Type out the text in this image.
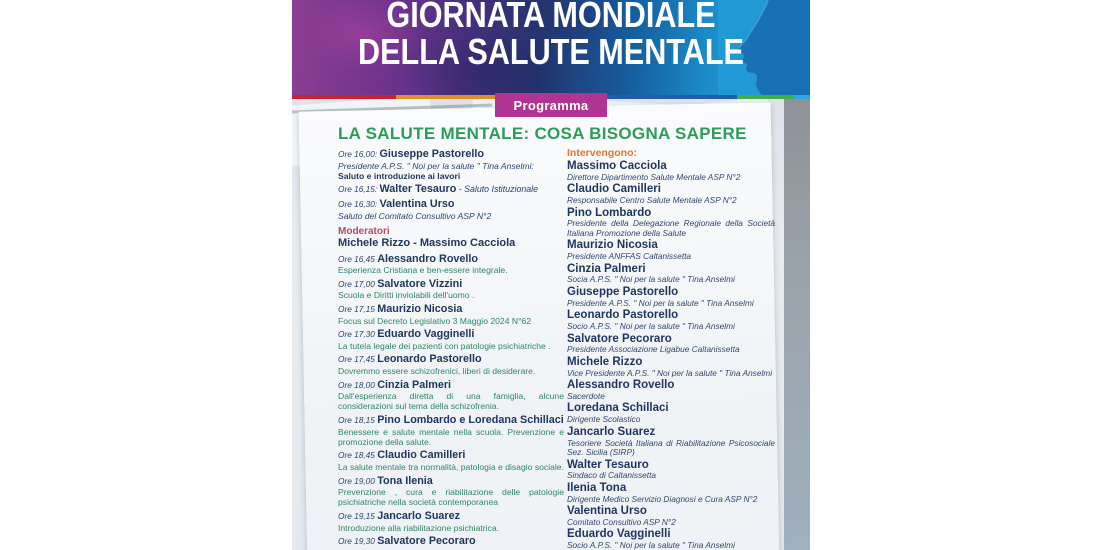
LA SALUTE MENTALE: COSA BISOGNA SAPERE
Ore 16,00: Giuseppe Pastorello
Presidente A.P.S. " Noi per la salute " Tina Anselmi:
Saluto e introduzione ai lavori
Ore 16,15: Walter Tesauro - Saluto Istituzionale
Ore 16,30: Valentina Urso
Saluto del Comitato Consultivo ASP N°2
Moderatori
Michele Rizzo - Massimo Cacciola
Ore 16,45 Alessandro Rovello
Esperienza Cristiana e ben-essere integrale.
Ore 17,00 Salvatore Vizzini
Scuola e Diritti inviolabili dell'uomo .
Ore 17,15 Maurizio Nicosia
Focus sul Decreto Legislativo 3 Maggio 2024 N°62
Ore 17,30 Eduardo Vagginelli
La tutela legale dei pazienti con patologie psichiatriche .
Ore 17,45 Leonardo Pastorello
Dovremmo essere schizofrenici, liberi di desiderare.
Ore 18,00 Cinzia Palmeri
Dall'esperienza diretta di una famiglia, alcune considerazioni sul tema della schizofrenia.
Ore 18,15 Pino Lombardo e Loredana Schillaci
Benessere e salute mentale nella scuola. Prevenzione e promozione della salute.
Ore 18,45 Claudio Camilleri
La salute mentale tra normalità, patologia e disagio sociale.
Ore 19,00 Tona Ilenia
Prevenzione , cura e riabilitazione delle patologie psichiatriche nella società contemporanea
Ore 19,15 Jancarlo Suarez
Introduzione alla riabilitazione psichiatrica.
Ore 19,30 Salvatore Pecoraro
Intervengono:
Massimo Cacciola
Direttore Dipartimento Salute Mentale ASP N°2
Claudio Camilleri
Responsabile Centro Salute Mentale ASP N°2
Pino Lombardo
Presidente della Delegazione Regionale della Società Italiana Promozione della Salute
Maurizio Nicosia
Presidente ANFFAS Caltanissetta
Cinzia Palmeri
Socia A.P.S. " Noi per la salute " Tina Anselmi
Giuseppe Pastorello
Presidente A.P.S. " Noi per la salute " Tina Anselmi
Leonardo Pastorello
Socio A.P.S. " Noi per la salute " Tina Anselmi
Salvatore Pecoraro
Presidente Associazione Ligabue Caltanissetta
Michele Rizzo
Vice Presidente A.P.S. " Noi per la salute " Tina Anselmi
Alessandro Rovello
Sacerdote
Loredana Schillaci
Dirigente Scolastico
Jancarlo Suarez
Tesoriere Società Italiana di Riabilitazione Psicosociale Sez. Sicilia (SIRP)
Walter Tesauro
Sindaco di Caltanissetta
Ilenia Tona
Dirigente Medico Servizio Diagnosi e Cura ASP N°2
Valentina Urso
Comitato Consultivo ASP N°2
Eduardo Vagginelli
Socio A.P.S. " Noi per la salute " Tina Anselmi
Programma
GIORNATA MONDIALE
DELLA SALUTE MENTALE
